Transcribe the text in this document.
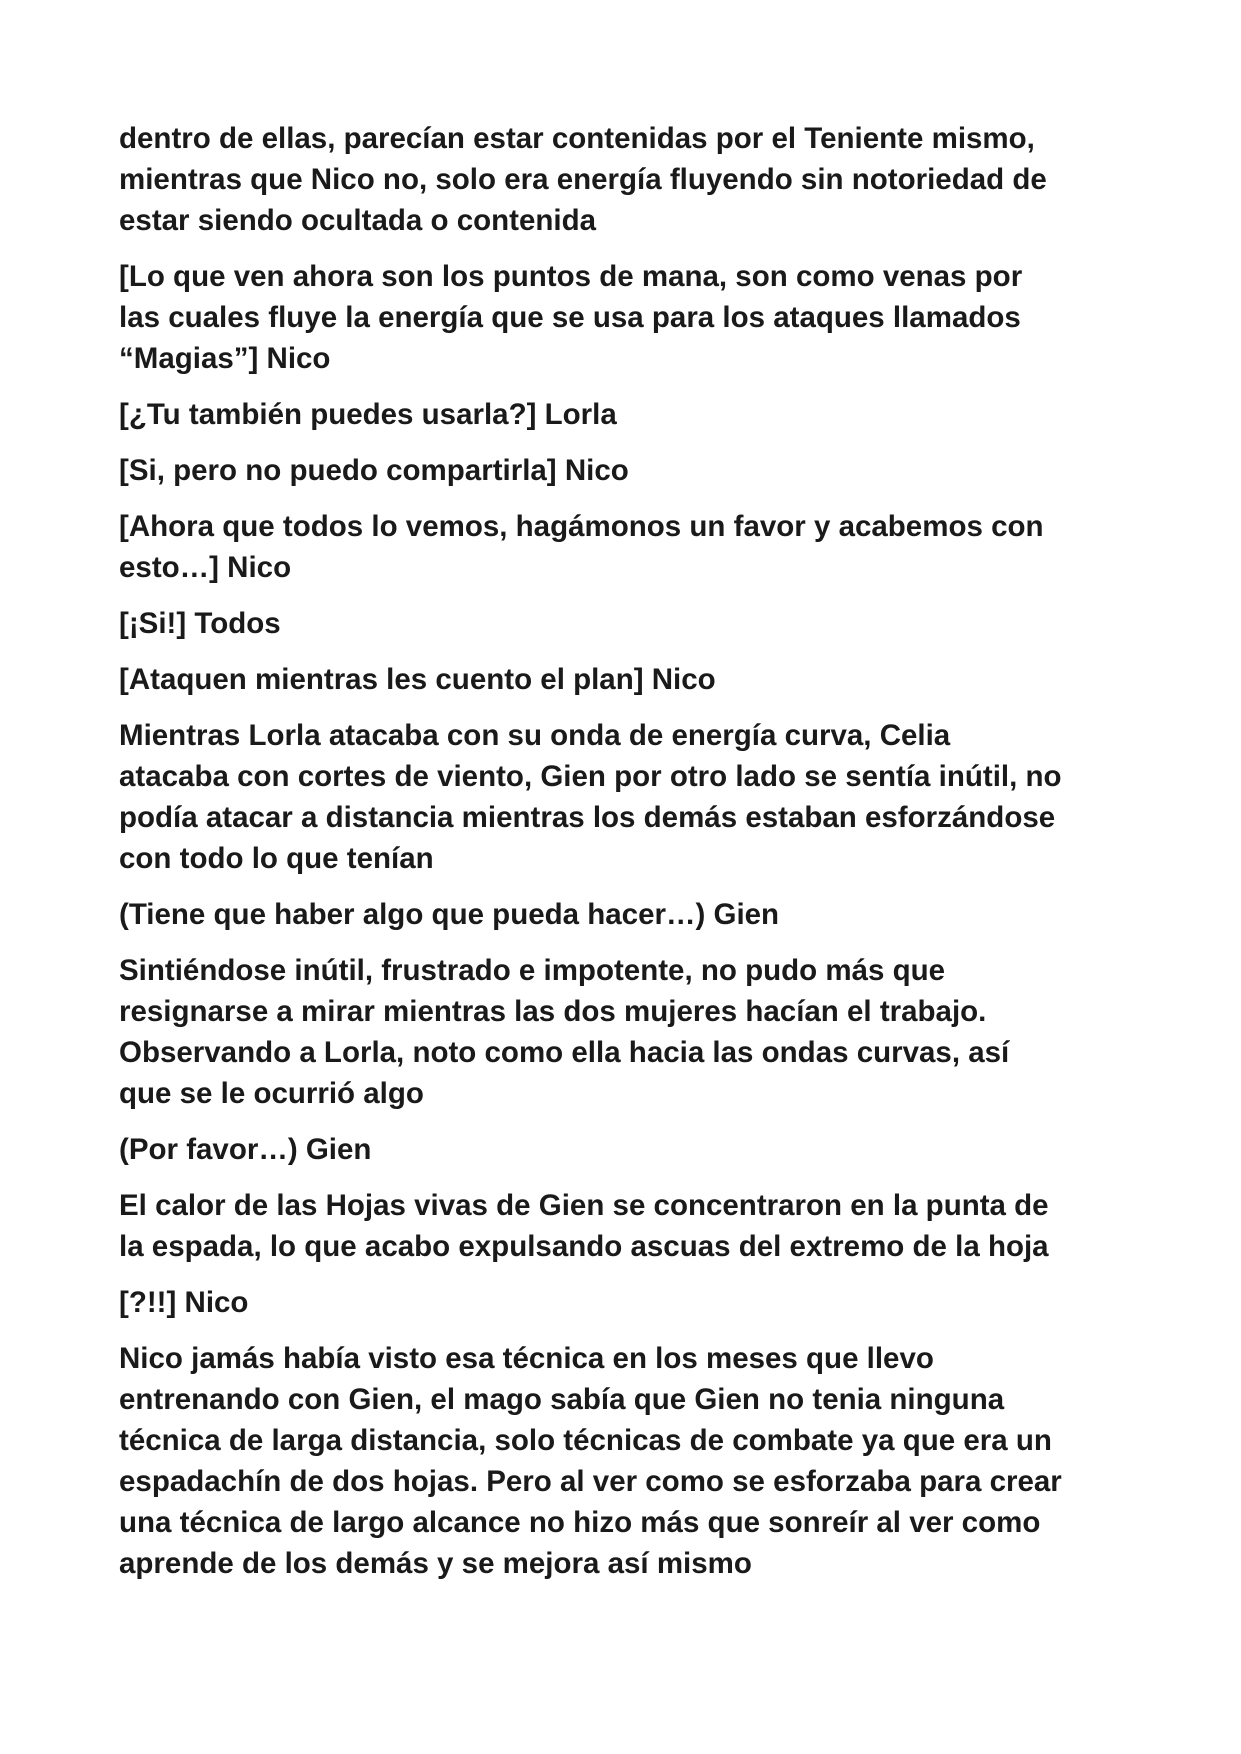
dentro de ellas, parecían estar contenidas por el Teniente mismo,
mientras que Nico no, solo era energía fluyendo sin notoriedad de
estar siendo ocultada o contenida

[Lo que ven ahora son los puntos de mana, son como venas por
las cuales fluye la energía que se usa para los ataques llamados
“Magias”] Nico

[¿Tu también puedes usarla?] Lorla

[Si, pero no puedo compartirla] Nico

[Ahora que todos lo vemos, hagámonos un favor y acabemos con
esto…] Nico

[¡Si!] Todos

[Ataquen mientras les cuento el plan] Nico

Mientras Lorla atacaba con su onda de energía curva, Celia
atacaba con cortes de viento, Gien por otro lado se sentía inútil, no
podía atacar a distancia mientras los demás estaban esforzándose
con todo lo que tenían

(Tiene que haber algo que pueda hacer…) Gien

Sintiéndose inútil, frustrado e impotente, no pudo más que
resignarse a mirar mientras las dos mujeres hacían el trabajo.
Observando a Lorla, noto como ella hacia las ondas curvas, así
que se le ocurrió algo

(Por favor…) Gien

El calor de las Hojas vivas de Gien se concentraron en la punta de
la espada, lo que acabo expulsando ascuas del extremo de la hoja

[?!!] Nico

Nico jamás había visto esa técnica en los meses que llevo
entrenando con Gien, el mago sabía que Gien no tenia ninguna
técnica de larga distancia, solo técnicas de combate ya que era un
espadachín de dos hojas. Pero al ver como se esforzaba para crear
una técnica de largo alcance no hizo más que sonreír al ver como
aprende de los demás y se mejora así mismo
